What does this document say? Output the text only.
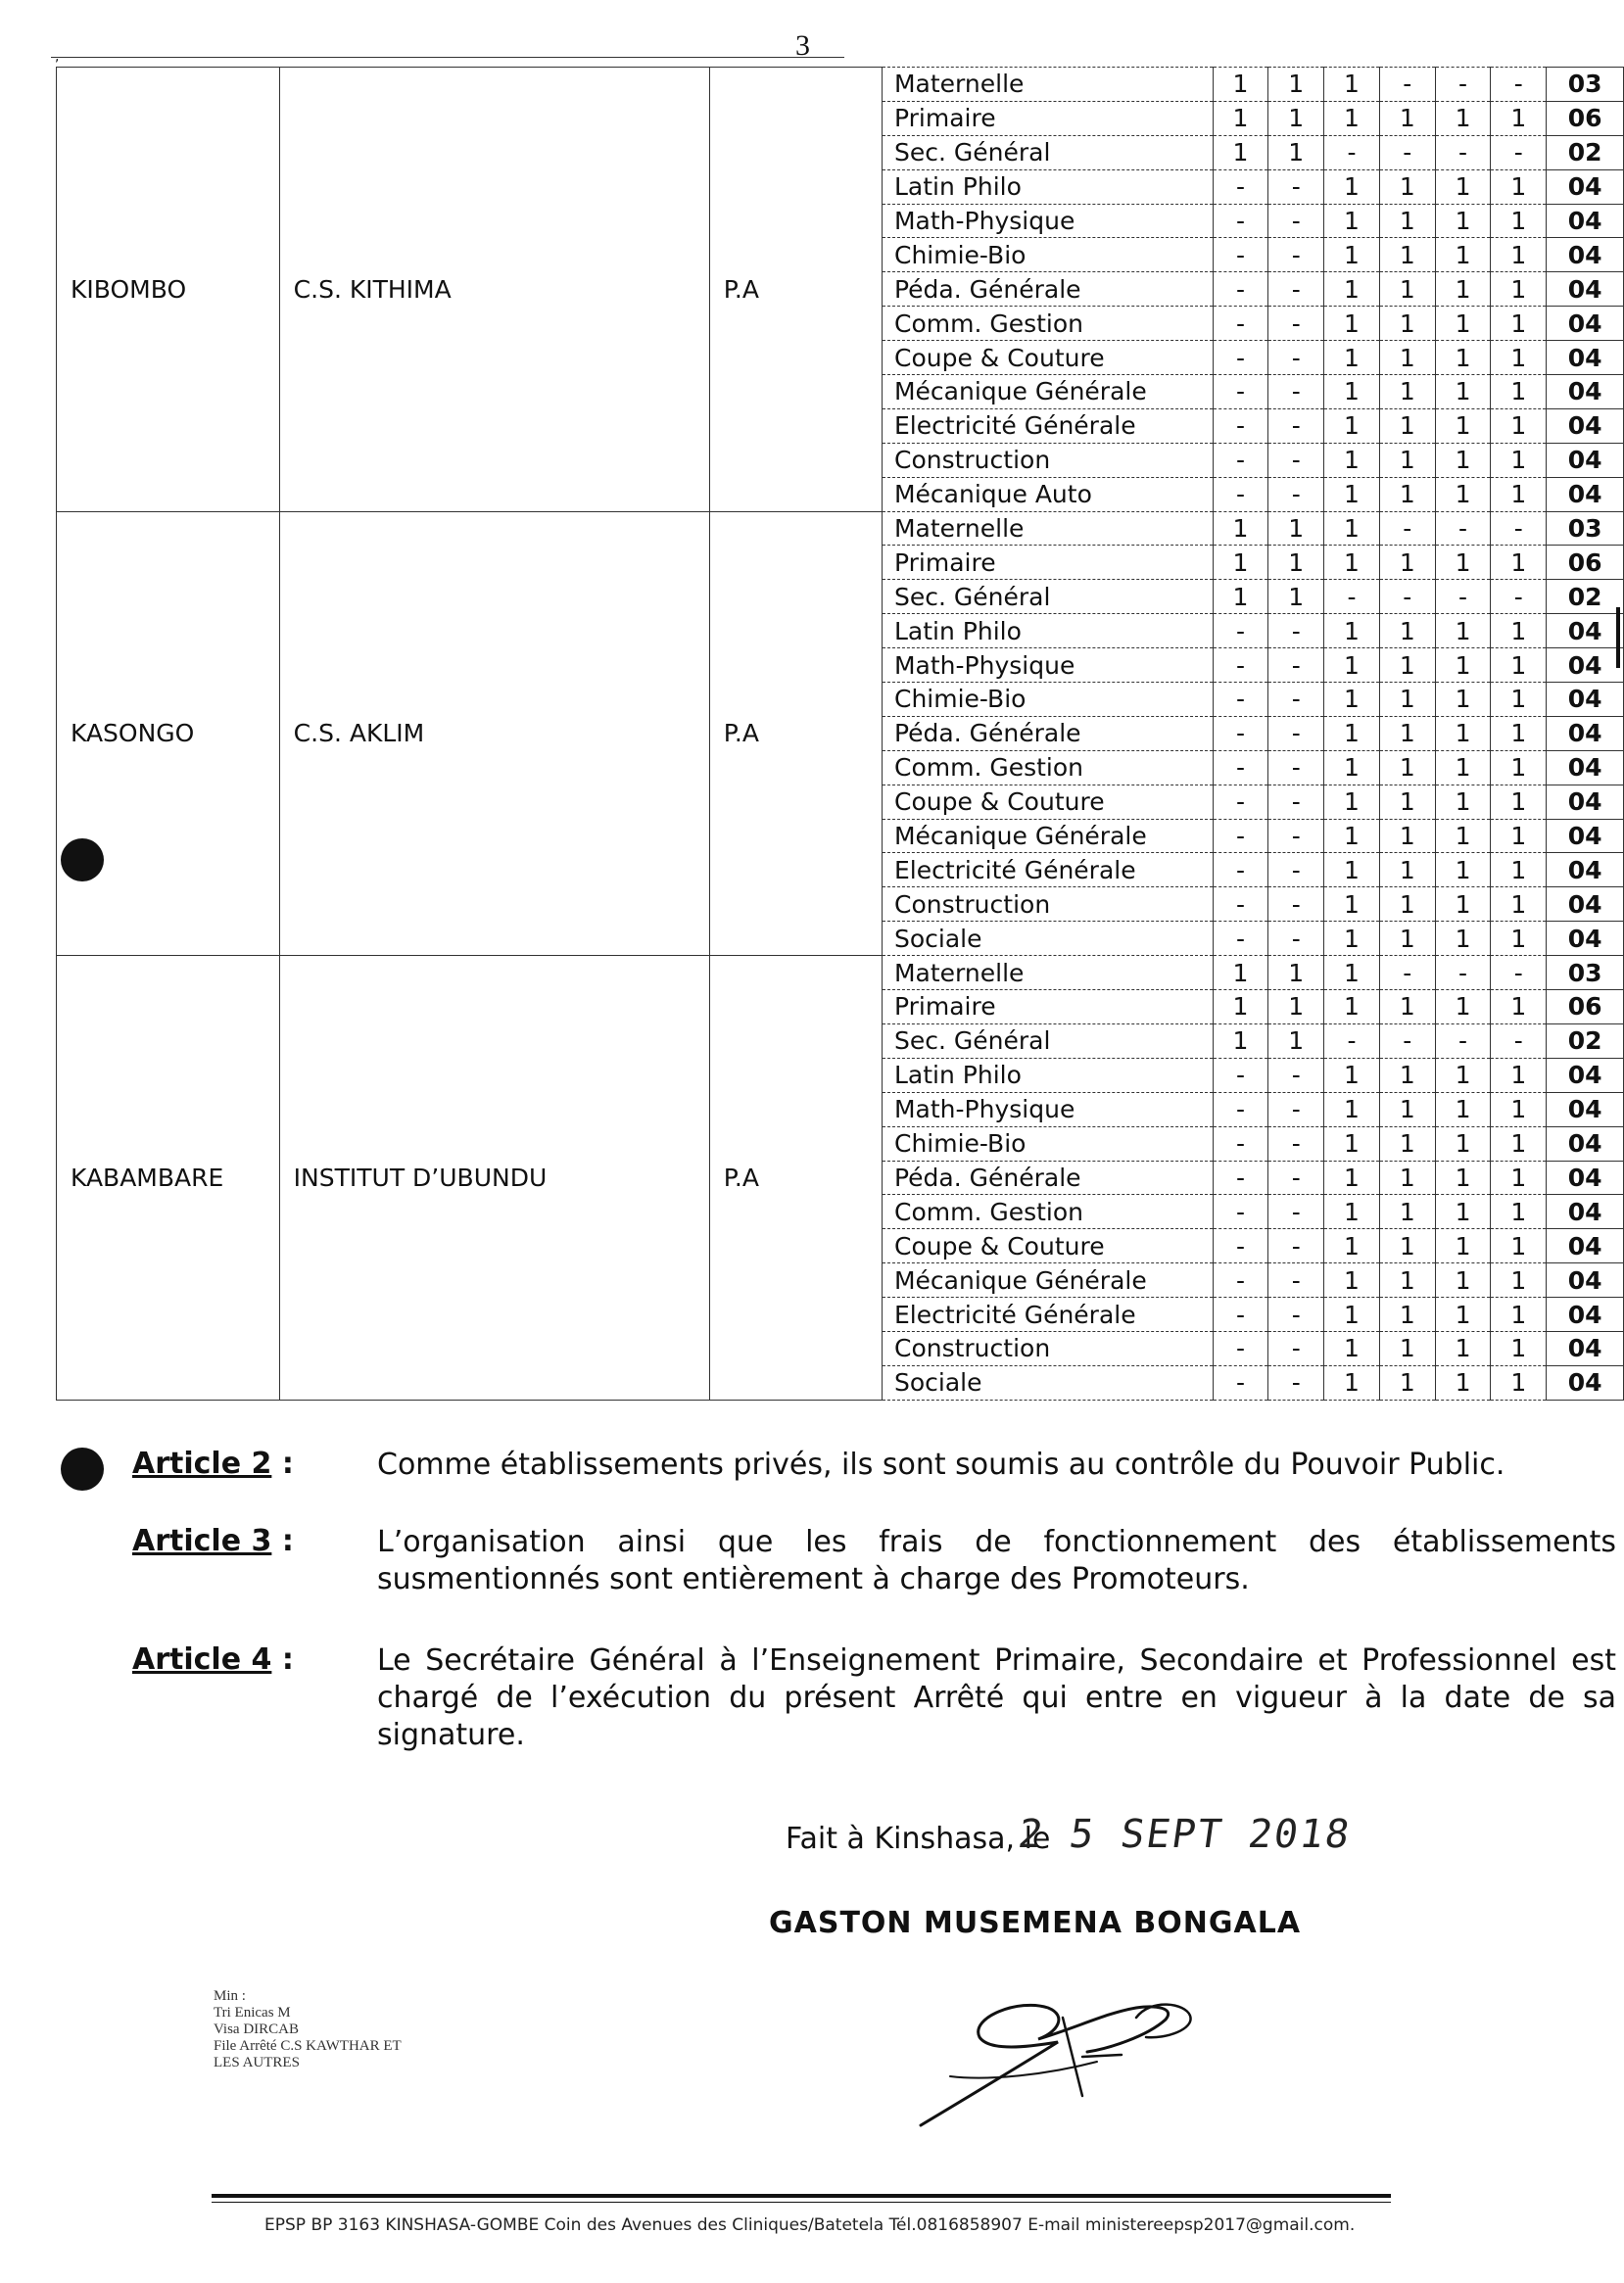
,	3
KIBOMBO	C.S. KITHIMA	P.A	Maternelle	1	1	1	-	-	-	03
			Primaire	1	1	1	1	1	1	06
			Sec. Général	1	1	-	-	-	-	02
			Latin Philo	-	-	1	1	1	1	04
			Math-Physique	-	-	1	1	1	1	04
			Chimie-Bio	-	-	1	1	1	1	04
			Péda. Générale	-	-	1	1	1	1	04
			Comm. Gestion	-	-	1	1	1	1	04
			Coupe & Couture	-	-	1	1	1	1	04
			Mécanique Générale	-	-	1	1	1	1	04
			Electricité Générale	-	-	1	1	1	1	04
			Construction	-	-	1	1	1	1	04
			Mécanique Auto	-	-	1	1	1	1	04
KASONGO	C.S. AKLIM	P.A	Maternelle	1	1	1	-	-	-	03
			Primaire	1	1	1	1	1	1	06
			Sec. Général	1	1	-	-	-	-	02
			Latin Philo	-	-	1	1	1	1	04
			Math-Physique	-	-	1	1	1	1	04
			Chimie-Bio	-	-	1	1	1	1	04
			Péda. Générale	-	-	1	1	1	1	04
			Comm. Gestion	-	-	1	1	1	1	04
			Coupe & Couture	-	-	1	1	1	1	04
			Mécanique Générale	-	-	1	1	1	1	04
			Electricité Générale	-	-	1	1	1	1	04
			Construction	-	-	1	1	1	1	04
			Sociale	-	-	1	1	1	1	04
KABAMBARE	INSTITUT D’UBUNDU	P.A	Maternelle	1	1	1	-	-	-	03
			Primaire	1	1	1	1	1	1	06
			Sec. Général	1	1	-	-	-	-	02
			Latin Philo	-	-	1	1	1	1	04
			Math-Physique	-	-	1	1	1	1	04
			Chimie-Bio	-	-	1	1	1	1	04
			Péda. Générale	-	-	1	1	1	1	04
			Comm. Gestion	-	-	1	1	1	1	04
			Coupe & Couture	-	-	1	1	1	1	04
			Mécanique Générale	-	-	1	1	1	1	04
			Electricité Générale	-	-	1	1	1	1	04
			Construction	-	-	1	1	1	1	04
			Sociale	-	-	1	1	1	1	04
Article 2 :	Comme établissements privés, ils sont soumis au contrôle du Pouvoir Public.
Article 3 :	L’organisation ainsi que les frais de fonctionnement des établissements susmentionnés sont entièrement à charge des Promoteurs.
Article 4 :	Le Secrétaire Général à l’Enseignement Primaire, Secondaire et Professionnel est chargé de l’exécution du présent Arrêté qui entre en vigueur à la date de sa signature.
Fait à Kinshasa, le
2 5 SEPT 2018
GASTON MUSEMENA BONGALA
Min :
Tri Enicas M
Visa DIRCAB
File Arrêté C.S KAWTHAR ET
LES AUTRES
EPSP BP 3163 KINSHASA-GOMBE Coin des Avenues des Cliniques/Batetela Tél.0816858907 E-mail ministereepsp2017@gmail.com.
